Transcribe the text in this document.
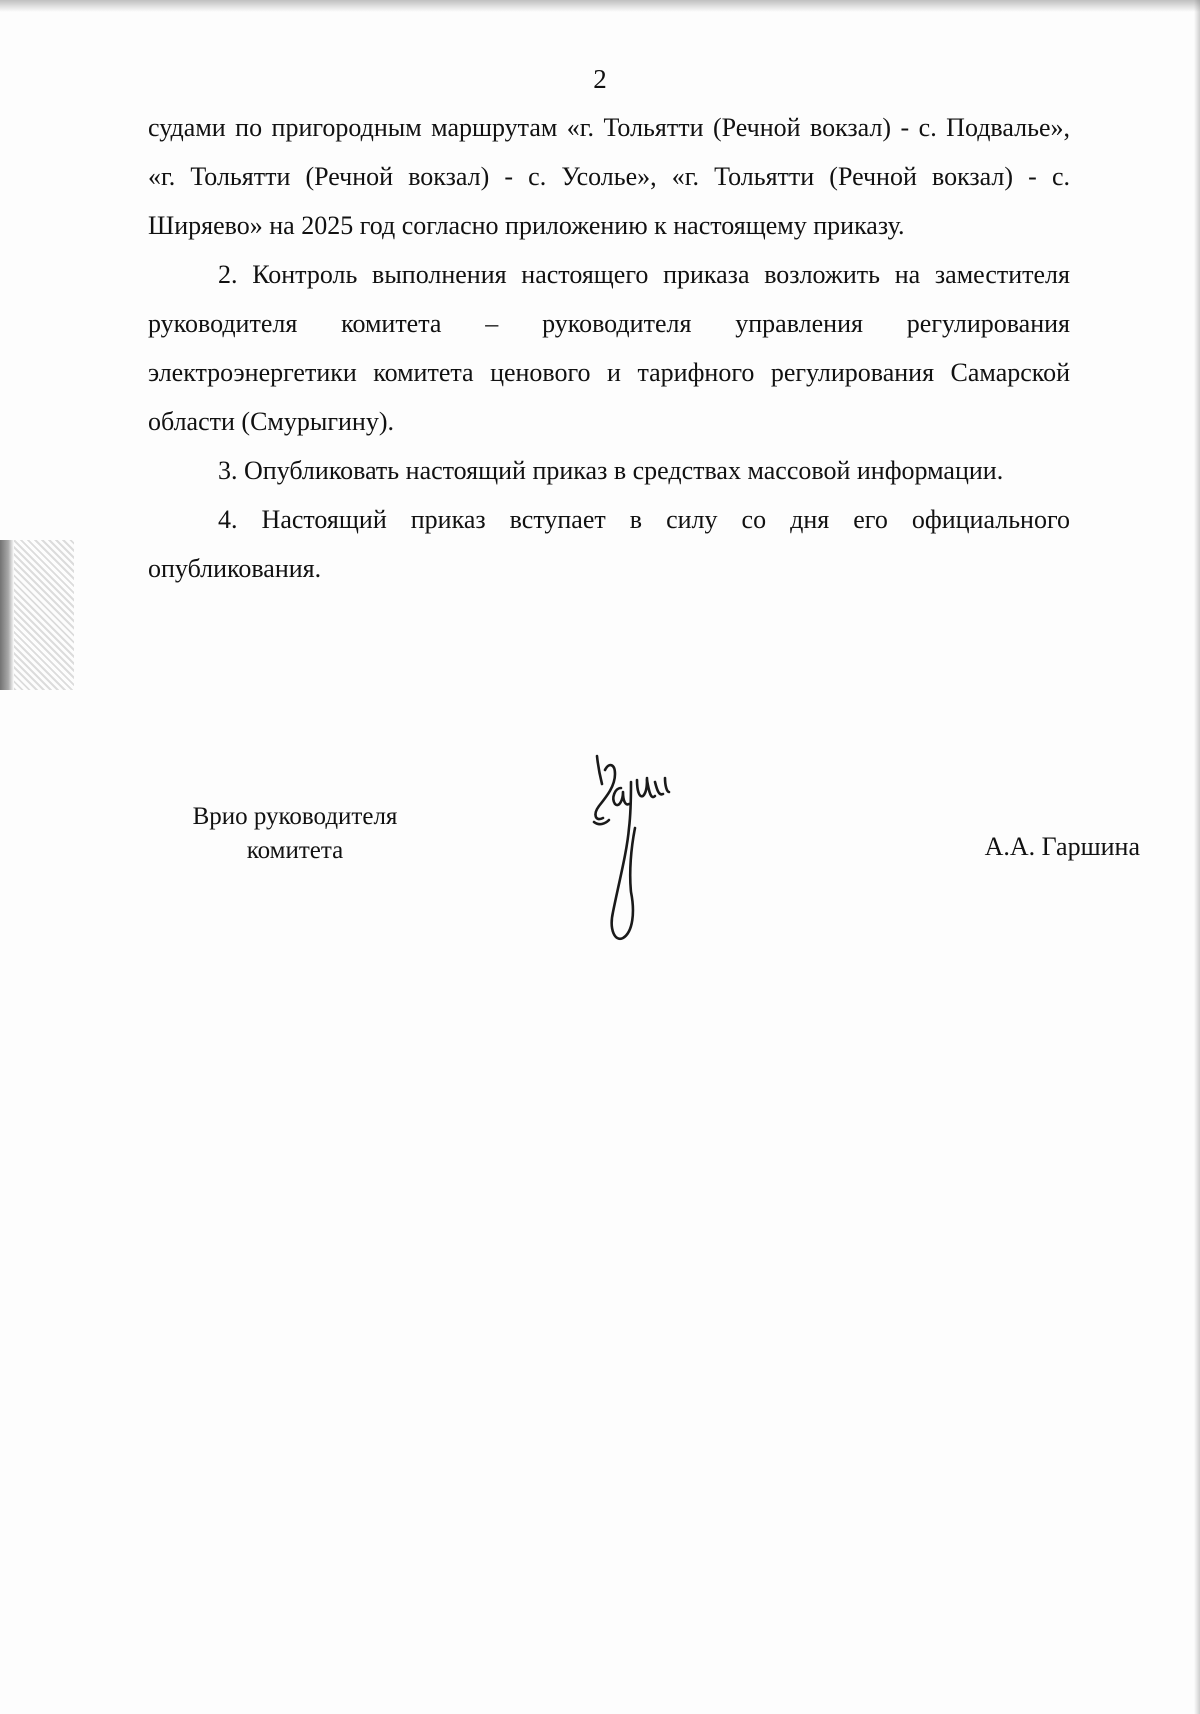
2

судами по пригородным маршрутам «г. Тольятти (Речной вокзал) - с. Подвалье», «г. Тольятти (Речной вокзал) - с. Усолье», «г. Тольятти (Речной вокзал) - с. Ширяево» на 2025 год согласно приложению к настоящему приказу.

2. Контроль выполнения настоящего приказа возложить на заместителя руководителя комитета – руководителя управления регулирования электроэнергетики комитета ценового и тарифного регулирования Самарской области (Смурыгину).

3. Опубликовать настоящий приказ в средствах массовой информации.

4. Настоящий приказ вступает в силу со дня его официального опубликования.

Врио руководителя
комитета	А.А. Гаршина
